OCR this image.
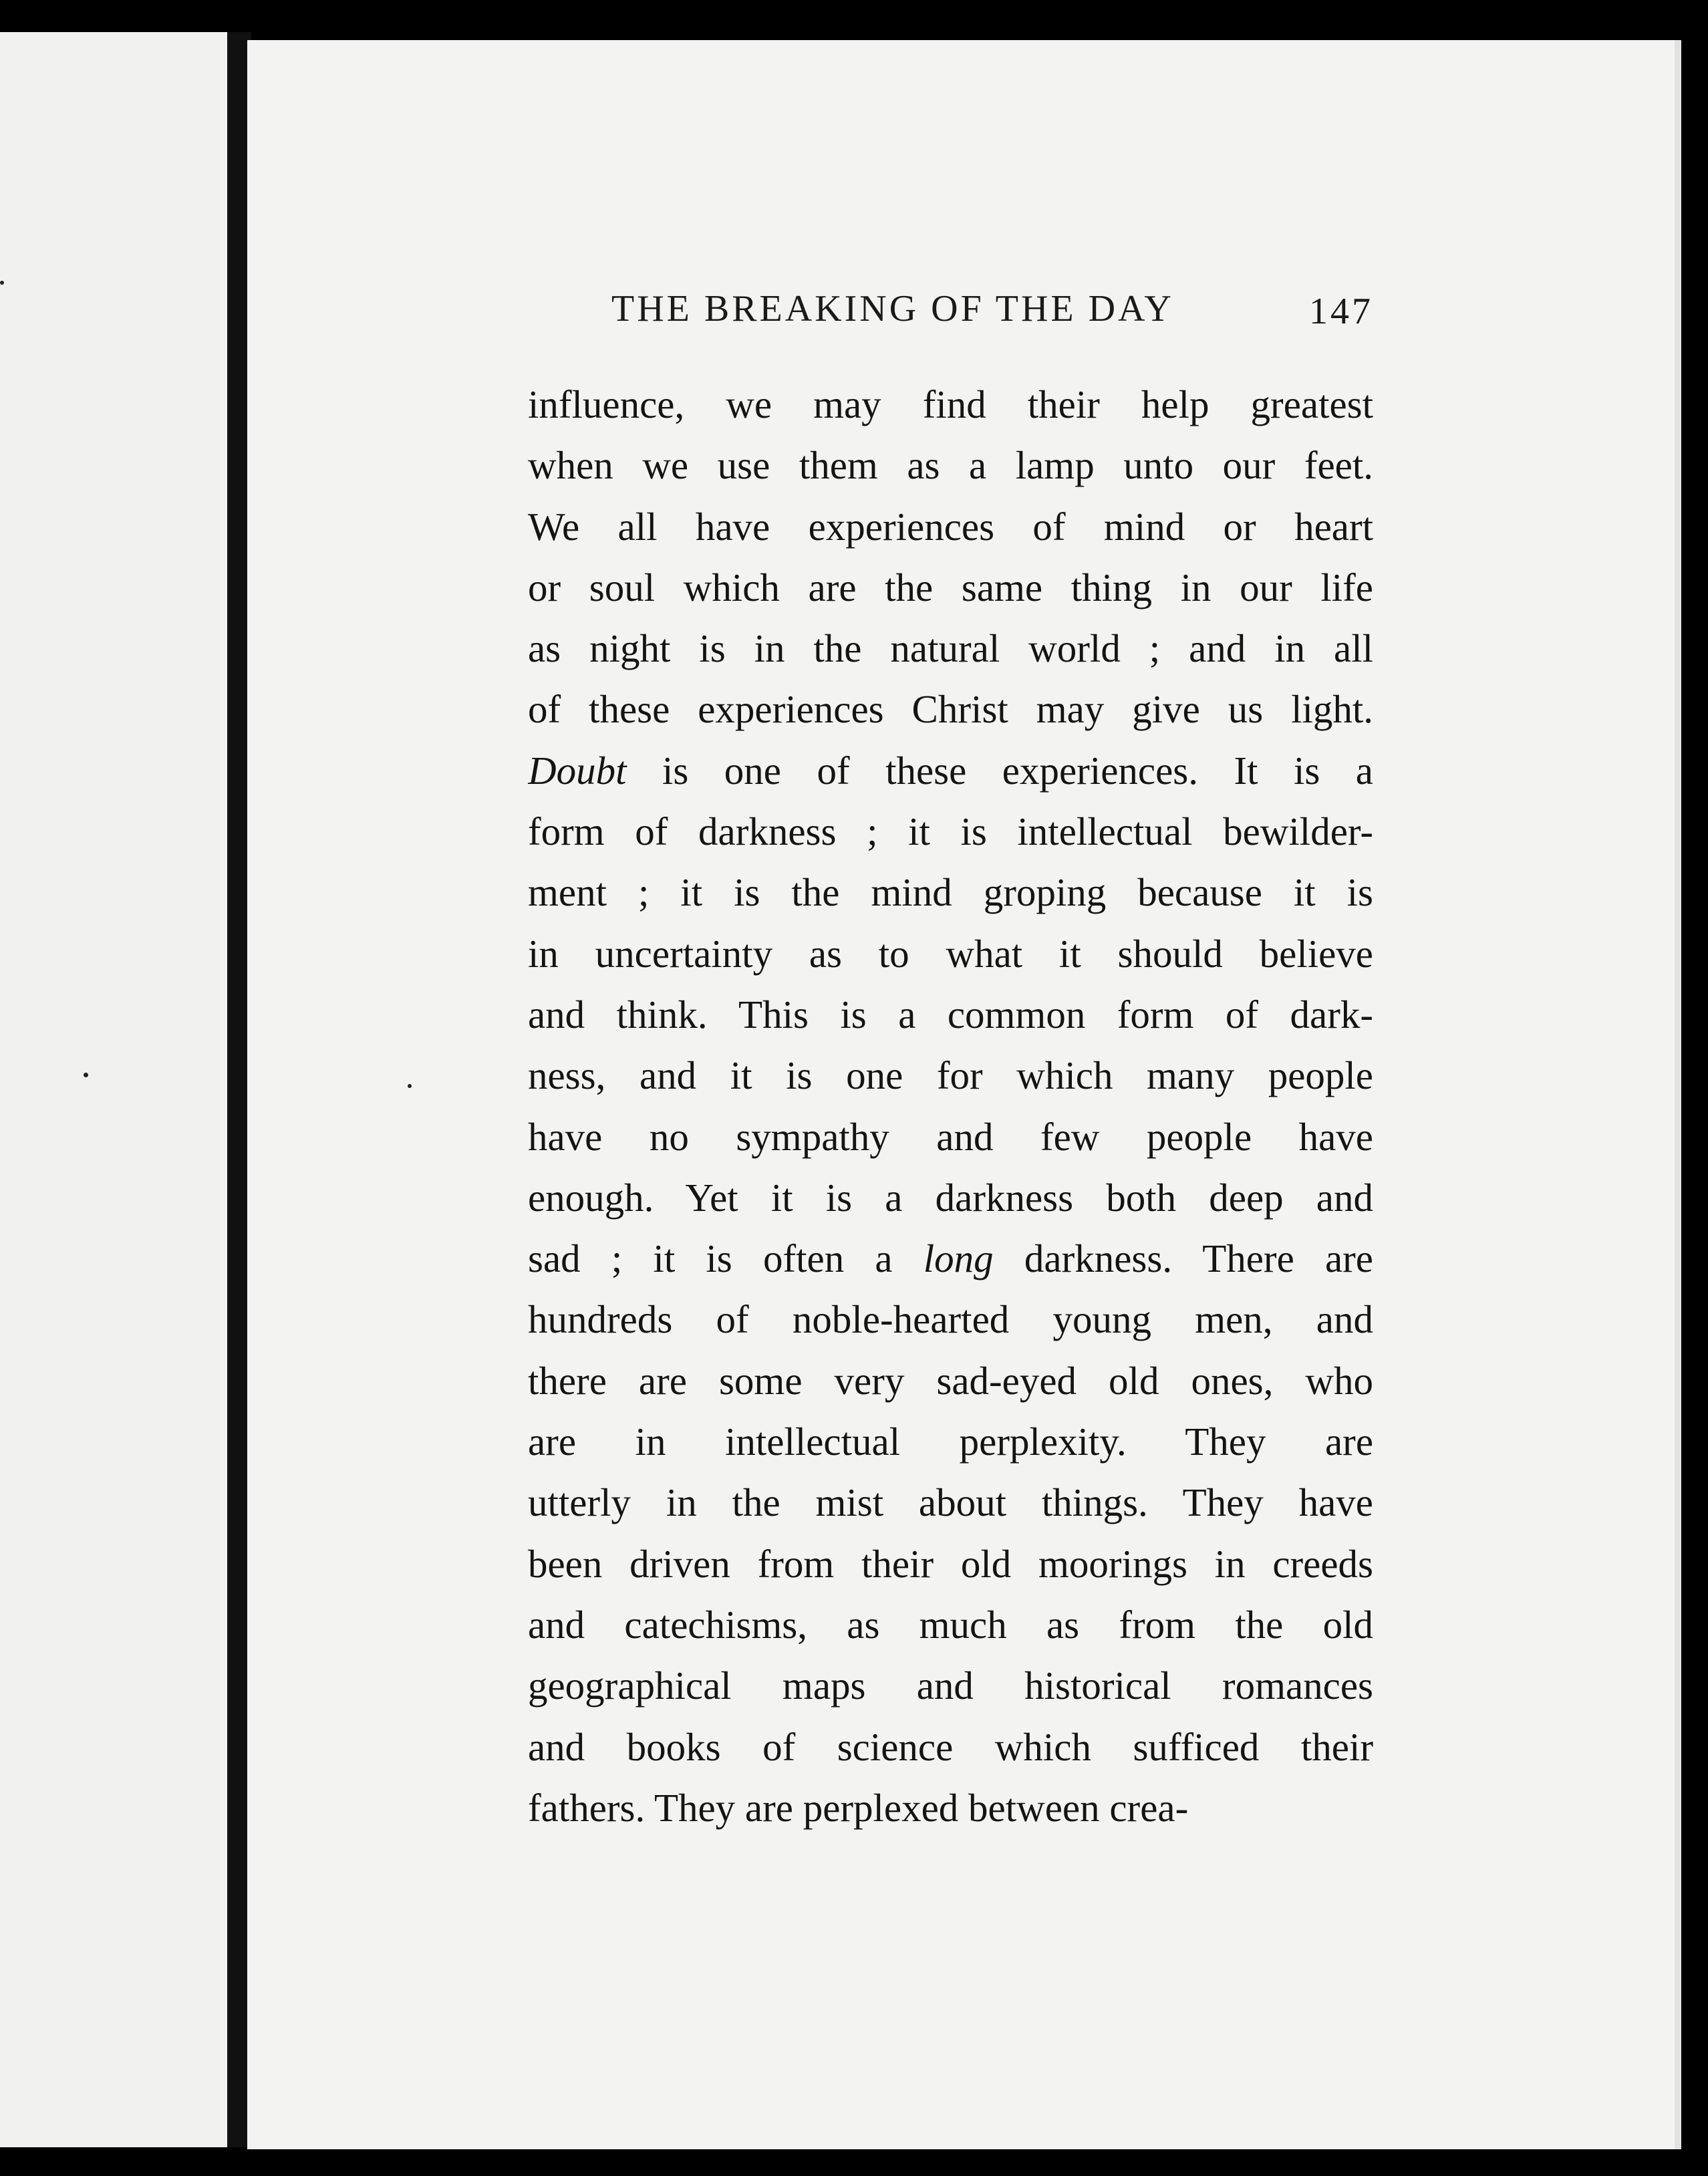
THE BREAKING OF THE DAY	147
influence, we may find their help greatest
when we use them as a lamp unto our feet.
We all have experiences of mind or heart
or soul which are the same thing in our life
as night is in the natural world ; and in all
of these experiences Christ may give us light.
Doubt is one of these experiences. It is a
form of darkness ; it is intellectual bewilder-
ment ; it is the mind groping because it is
in uncertainty as to what it should believe
and think. This is a common form of dark-
ness, and it is one for which many people
have no sympathy and few people have
enough. Yet it is a darkness both deep and
sad ; it is often a long darkness. There are
hundreds of noble-hearted young men, and
there are some very sad-eyed old ones, who
are in intellectual perplexity. They are
utterly in the mist about things. They have
been driven from their old moorings in creeds
and catechisms, as much as from the old
geographical maps and historical romances
and books of science which sufficed their
fathers. They are perplexed between crea-
